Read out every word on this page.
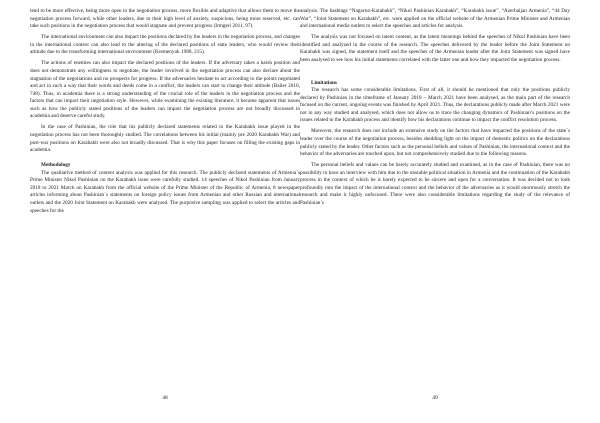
tend to be more effective, being more open to the negotiation process, more flexible and adaptive that allows them to move the negotiation process forward, while other leaders, due to their high level of anxiety, suspicions, being more reserved, etc. can take such positions in the negotiation process that would stagnate and prevent progress (Irmgeri 2011, 97).

The international environment can also impact the positions declared by the leaders in the negotiation process, and changes in the international context can also lead to the altering of the declared positions of state leaders, who would review their attitude due to the transforming international environment (Kremenyuk 1988, 215).

The actions of enemies can also impact the declared positions of the leaders. If the adversary takes a harsh position and does not demonstrate any willingness to negotiate, the leader involved in the negotiation process can also declare about the stagnation of the negotiations and no prospects for progress. If the adversaries hesitate to act according to the points negotiated and act in such a way that their words and deeds come in a conflict, the leaders can start to change their attitude (Bailer 2010, 748). Thus, in academia there is a strong understanding of the crucial role of the leaders in the negotiation process and the factors that can impact their negotiation style. However, while examining the existing literature, it became apparent that issues such as how the publicly stated positions of the leaders can impact the negotiation process are not broadly discussed in academia and deserve careful study.

In the case of Pashinian, the role that his publicly declared statements related to the Karabakh issue played in the negotiation process has not been thoroughly studied. The correlations between his initial (mainly pre 2020 Karabakh War) and post-war positions on Karabakh were also not broadly discussed. That is why this paper focuses on filling the existing gaps in academia.

Methodology

The qualitative method of content analysis was applied for this research. The publicly declared statements of Armenia`s Prime Minister Nikol Pashinian on the Karabakh issue were carefully studied. 14 speeches of Nikol Pashinian from January 2018 to 2021 March on Karabakh from the official website of the Prime Minister of the Republic of Armenia, 8 newspaper articles informing about Pashinian`s statements on foreign policy issues from Armenian and other Russian and international outlets and the 2020 Joint Statement on Karabakh were analysed. The purposive sampling was applied to select the articles and speeches for the

48

analysis. The hashtags “Nagorno-Karabakh”, “Nikol Pashinian Karabakh”, “Karabakh issue”, “Azerbaijan Armenia”, “44 Day War”, “Joint Statement on Karabakh”, etc. were applied on the official website of the Armenian Prime Minister and Armenian and international media outlets to select the speeches and articles for analysis.

The analysis was not focused on latent content, as the latent meanings behind the speeches of Nikol Pashinian have been identified and analyzed in the course of the research. The speeches delivered by the leader before the Joint Statement on Karabakh was signed, the statement itself and the speeches of the Armenian leader after the Joint Statement was signed have been analysed to see how his initial statements correlated with the latter one and how they impacted the negotiation process.

Limitations

The research has some considerable limitations. First of all, it should be mentioned that only the positions publicly declared by Pashinian in the timeframe of January 2018 – March 2021 have been analysed, as the main part of the research focused on the current, ongoing events was finished by April 2021. Thus, the declarations publicly made after March 2021 were not in any way studied and analysed, which does not allow us to trace the changing dynamics of Pashinian’s positions on the issues related to the Karabakh process and identify how his declarations continue to impact the conflict resolution process.

Moreover, the research does not include an extensive study on the factors that have impacted the positions of the state`s leader over the course of the negotiation process, besides shedding light on the impact of domestic politics on the declarations publicly stated by the leader. Other factors such as the personal beliefs and values of Pashinian, the international context and the behavior of the adversaries are touched upon, but not comprehensively studied due to the following reasons.

The personal beliefs and values can be barely accurately studied and examined, as in the case of Pashinian, there was no possibility to have an interview with him due to the unstable political situation in Armenia and the continuation of the Karabakh process in the context of which he is barely expected to be sincere and open for a conversation. It was decided not to look profoundly into the impact of the international context and the behavior of the adversaries as it would enormously stretch the research and make it highly unfocused. There were also considerable limitations regarding the study of the relevance of Pashinian’s

49
